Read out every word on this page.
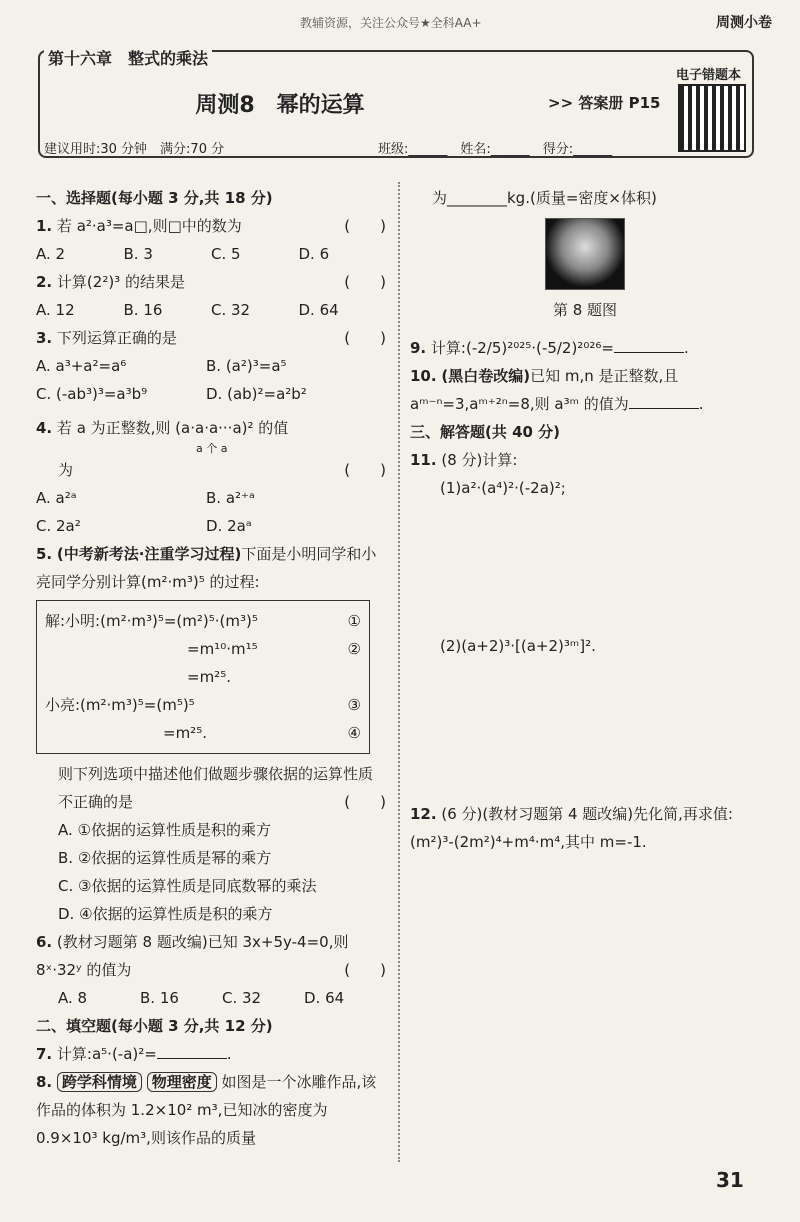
教辅资源，关注公众号★全科AA+	周测小卷
第十六章　整式的乘法
周测8　幂的运算	>> 答案册 P15
电子错题本
建议用时:30 分钟　满分:70 分	班级:______　姓名:______　得分:______
一、选择题(每小题 3 分,共 18 分)
1. 若 a²·a³=a□,则□中的数为	(　　)
A. 2	B. 3	C. 5	D. 6
2. 计算(2²)³ 的结果是	(　　)
A. 12	B. 16	C. 32	D. 64
3. 下列运算正确的是	(　　)
A. a³+a²=a⁶	B. (a²)³=a⁵
C. (-ab³)³=a³b⁹	D. (ab)²=a²b²
4. 若 a 为正整数,则 (a·a·a···a)² 的值
a 个 a
为	(　　)
A. a²ᵃ	B. a²⁺ᵃ
C. 2a²	D. 2aᵃ
5. (中考新考法·注重学习过程)下面是小明同学和小亮同学分别计算(m²·m³)⁵ 的过程:
解:小明:(m²·m³)⁵=(m²)⁵·(m³)⁵	①
=m¹⁰·m¹⁵	②
=m²⁵.
小亮:(m²·m³)⁵=(m⁵)⁵	③
=m²⁵.	④
则下列选项中描述他们做题步骤依据的运算性质不正确的是	(　　)
A. ①依据的运算性质是积的乘方
B. ②依据的运算性质是幂的乘方
C. ③依据的运算性质是同底数幂的乘法
D. ④依据的运算性质是积的乘方
6. (教材习题第 8 题改编)已知 3x+5y-4=0,则 8ˣ·32ʸ 的值为	(　　)
A. 8	B. 16	C. 32	D. 64
二、填空题(每小题 3 分,共 12 分)
7. 计算:a⁵·(-a)²=	.
8. 跨学科情境 物理密度 如图是一个冰雕作品,该作品的体积为 1.2×10² m³,已知冰的密度为 0.9×10³ kg/m³,则该作品的质量
为________kg.(质量=密度×体积)
第 8 题图
9. 计算:(-2/5)²⁰²⁵·(-5/2)²⁰²⁶=	.
10. (黑白卷改编)已知 m,n 是正整数,且 aᵐ⁻ⁿ=3,aᵐ⁺²ⁿ=8,则 a³ᵐ 的值为	.
三、解答题(共 40 分)
11. (8 分)计算:
(1)a²·(a⁴)²·(-2a)²;
(2)(a+2)³·[(a+2)³ᵐ]².
12. (6 分)(教材习题第 4 题改编)先化简,再求值:(m²)³-(2m²)⁴+m⁴·m⁴,其中 m=-1.
31
